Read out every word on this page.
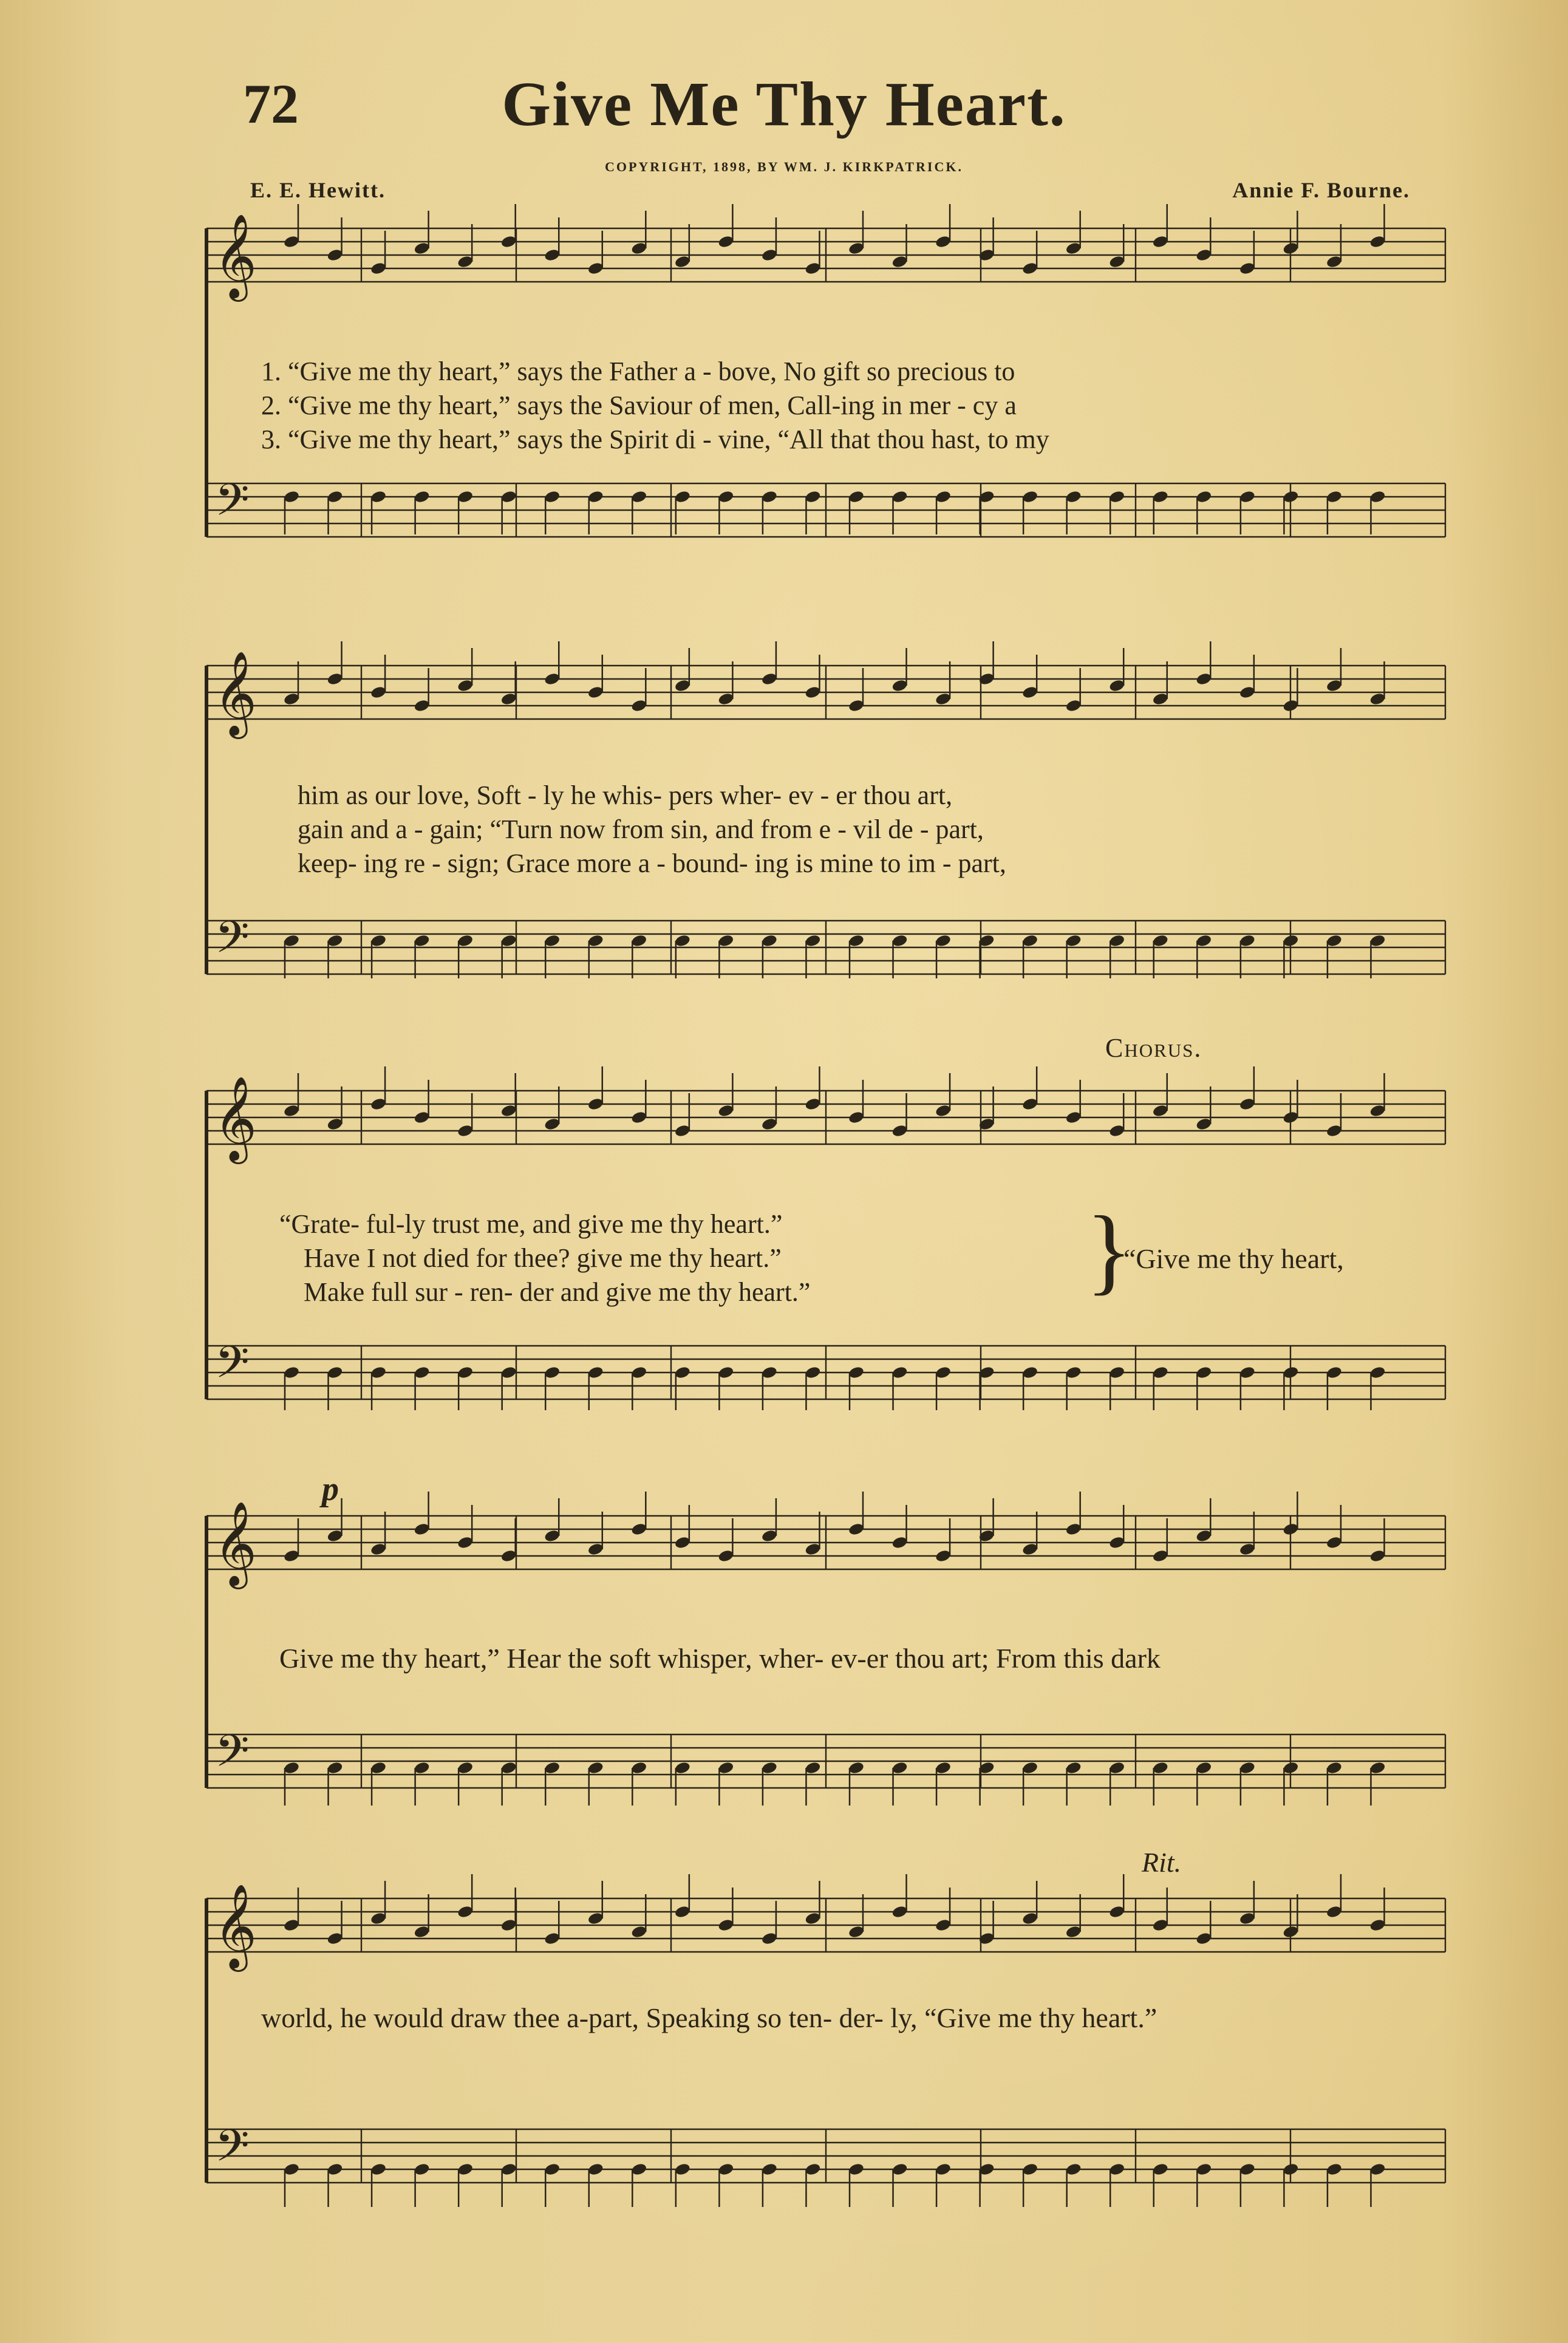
72	Give Me Thy Heart.
COPYRIGHT, 1898, BY WM. J. KIRKPATRICK.
E. E. Hewitt.	Annie F. Bourne.
𝄞
𝄢
1. “Give me thy heart,” says the Father a - bove, No gift so precious to
2. “Give me thy heart,” says the Saviour of men, Call-ing in mer - cy a
3. “Give me thy heart,” says the Spirit di - vine, “All that thou hast, to my
𝄞
𝄢
him as our love, Soft - ly he whis- pers wher- ev - er thou art,
gain and a - gain; “Turn now from sin, and from e - vil de - part,
keep- ing re - sign; Grace more a - bound- ing is mine to im - part,
Chorus.
𝄞
𝄢
“Grate- ful-ly trust me, and give me thy heart.”
Have I not died for thee? give me thy heart.”
Make full sur - ren- der and give me thy heart.”	}
“Give me thy heart,
p
𝄞
𝄢
Give me thy heart,” Hear the soft whisper, wher- ev-er thou art; From this dark
Rit.
𝄞
𝄢
world, he would draw thee a-part, Speaking so ten- der- ly, “Give me thy heart.”
